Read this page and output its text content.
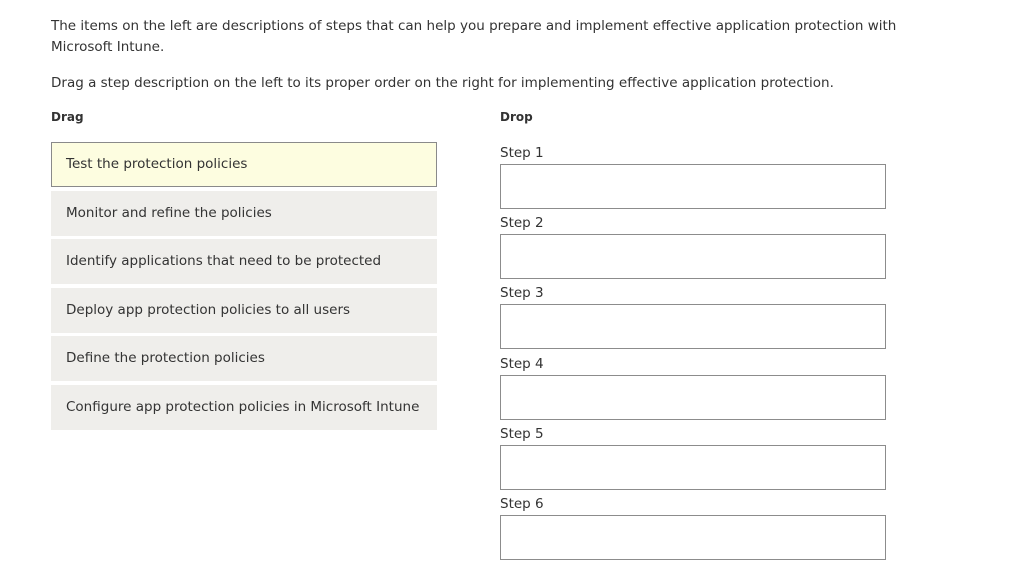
The items on the left are descriptions of steps that can help you prepare and implement effective application protection with Microsoft Intune.

Drag a step description on the left to its proper order on the right for implementing effective application protection.

Drag	Drop
Test the protection policies
Monitor and refine the policies
Identify applications that need to be protected
Deploy app protection policies to all users
Define the protection policies
Configure app protection policies in Microsoft Intune
Step 1
Step 2
Step 3
Step 4
Step 5
Step 6
